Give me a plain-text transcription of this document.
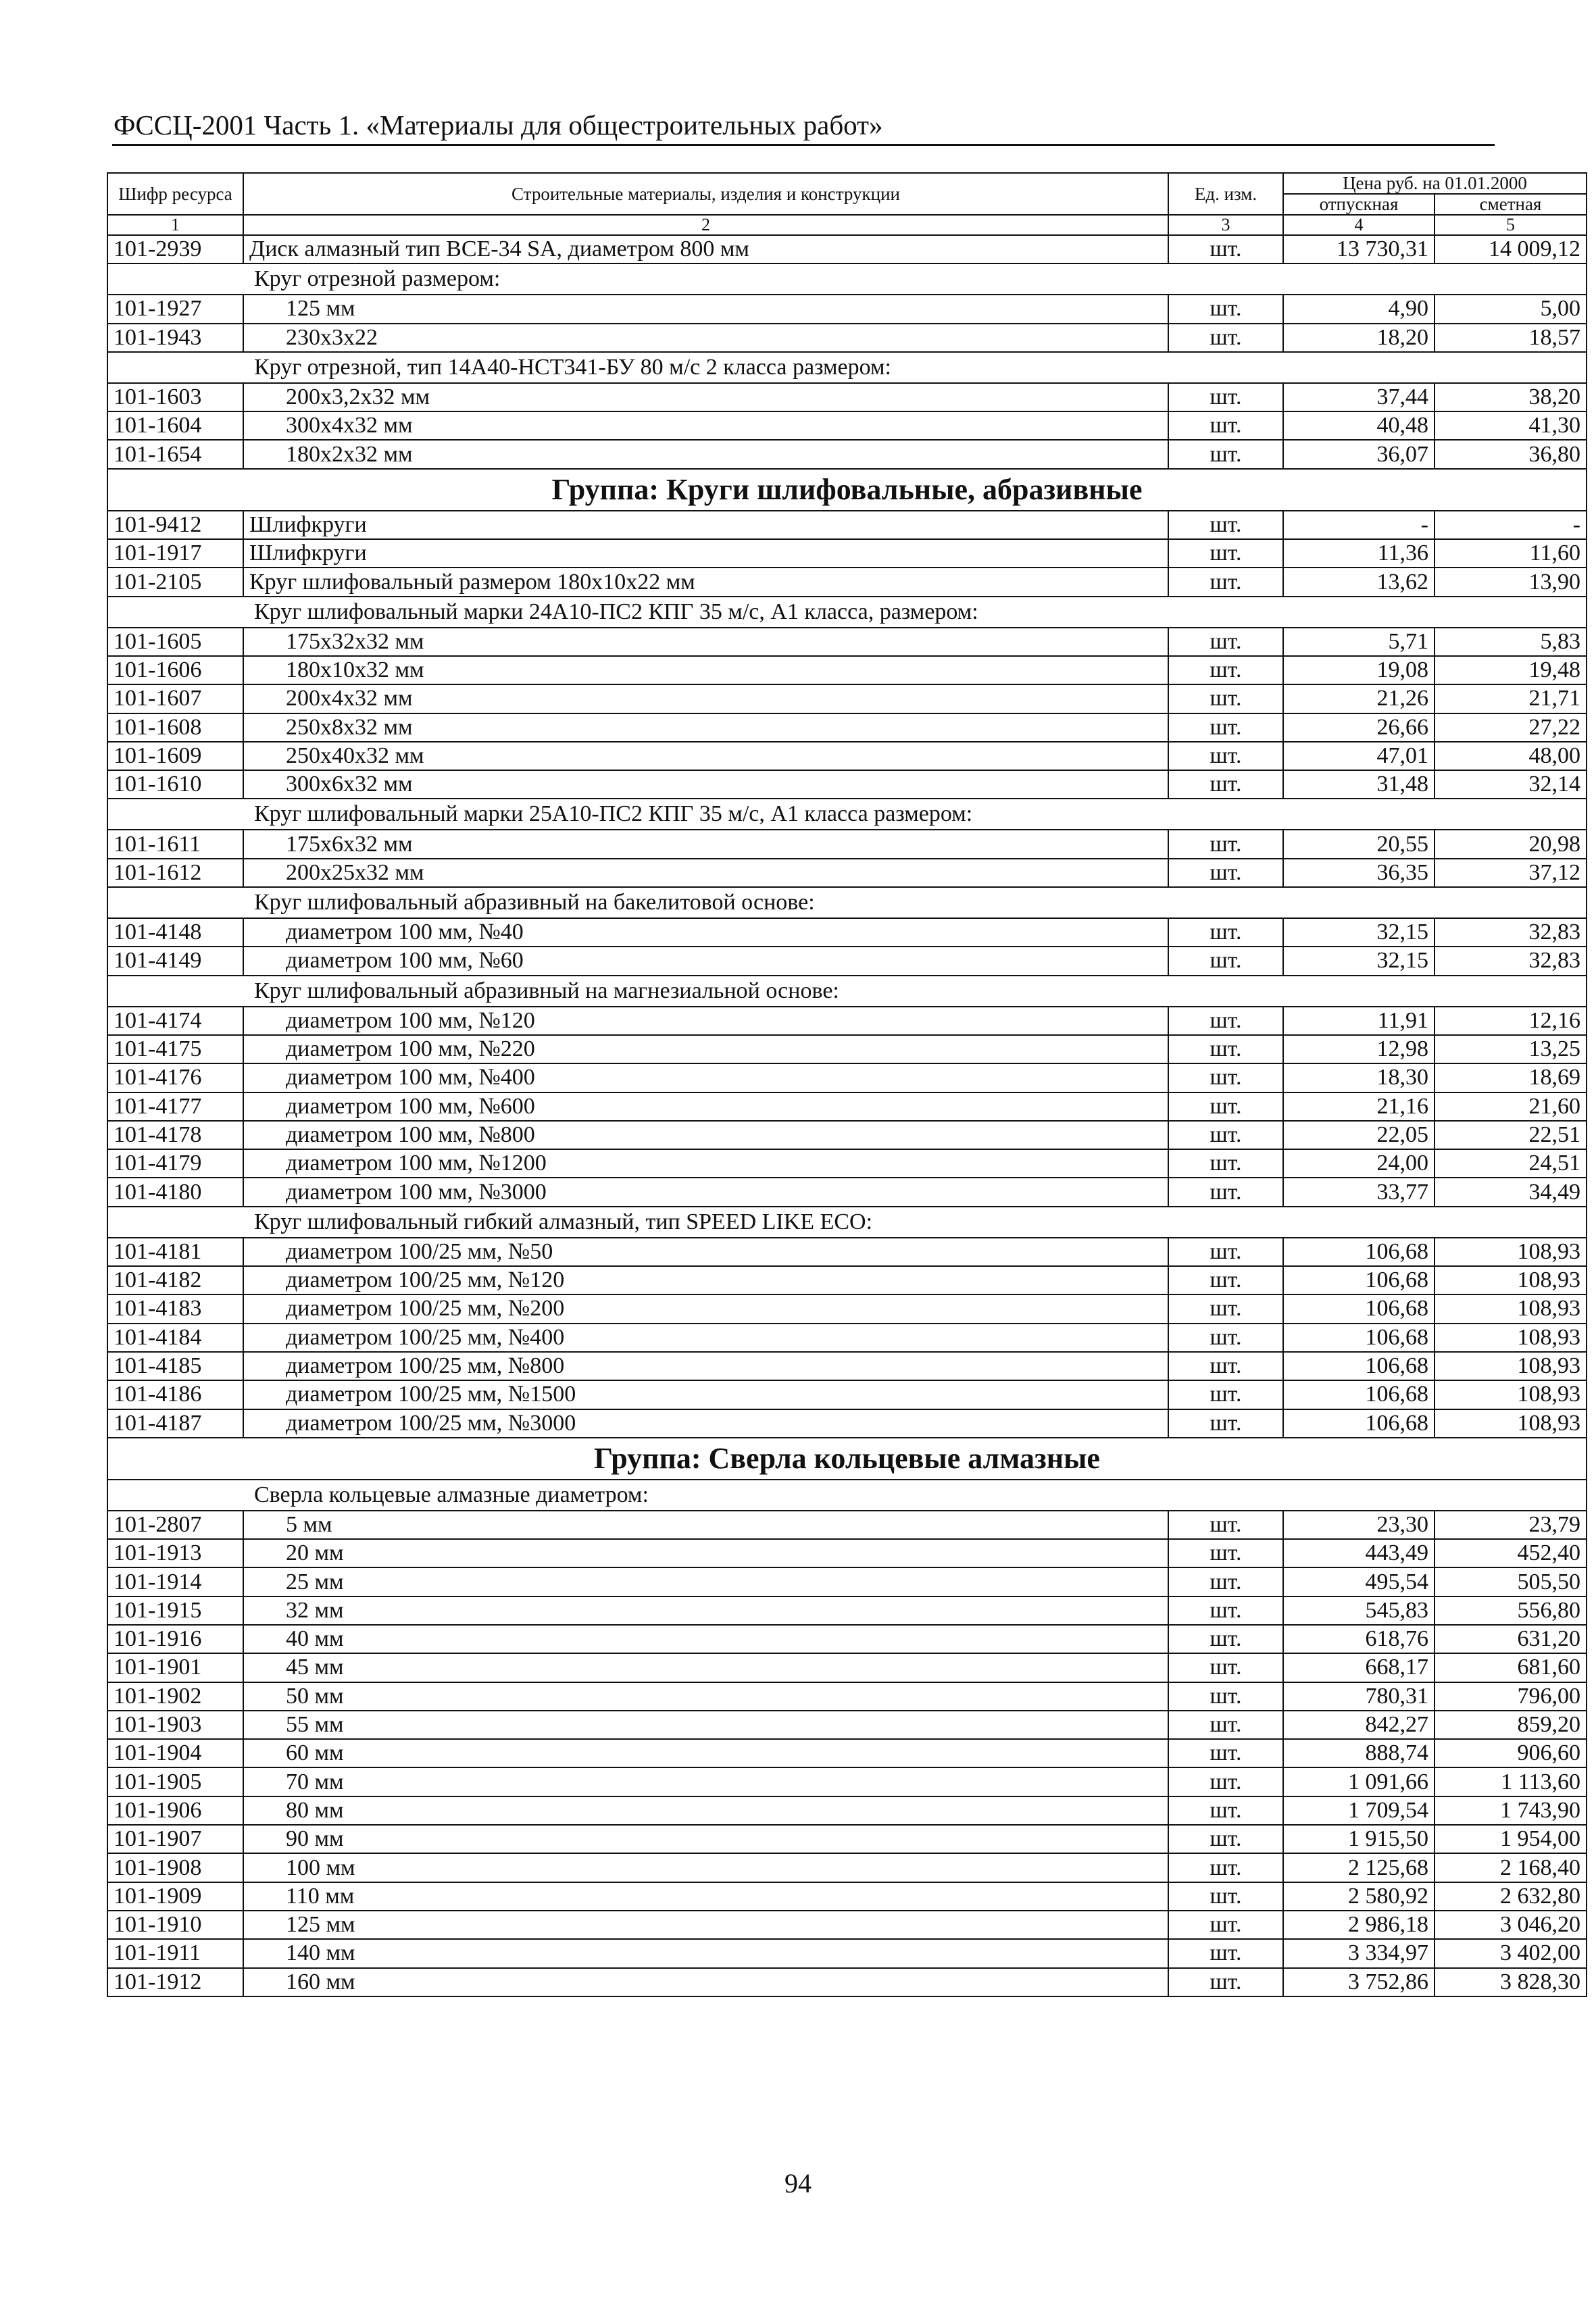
ФССЦ-2001 Часть 1. «Материалы для общестроительных работ»
Шифр ресурса	Строительные материалы, изделия и конструкции	Ед. изм.	Цена руб. на 01.01.2000	
			отпускная	сметная
1	2	3	4	5
101-2939	Диск алмазный тип ВСЕ-34 SA, диаметром 800 мм	шт.	13 730,31	14 009,12
Круг отрезной размером:				
101-1927	125 мм	шт.	4,90	5,00
101-1943	230х3х22	шт.	18,20	18,57
Круг отрезной, тип 14А40-НСТ341-БУ 80 м/с 2 класса размером:				
101-1603	200х3,2х32 мм	шт.	37,44	38,20
101-1604	300х4х32 мм	шт.	40,48	41,30
101-1654	180х2х32 мм	шт.	36,07	36,80
Группа: Круги шлифовальные, абразивные				
101-9412	Шлифкруги	шт.	-	-
101-1917	Шлифкруги	шт.	11,36	11,60
101-2105	Круг шлифовальный размером 180х10х22 мм	шт.	13,62	13,90
Круг шлифовальный марки 24А10-ПС2 КПГ 35 м/с, А1 класса, размером:				
101-1605	175х32х32 мм	шт.	5,71	5,83
101-1606	180х10х32 мм	шт.	19,08	19,48
101-1607	200х4х32 мм	шт.	21,26	21,71
101-1608	250х8х32 мм	шт.	26,66	27,22
101-1609	250х40х32 мм	шт.	47,01	48,00
101-1610	300х6х32 мм	шт.	31,48	32,14
Круг шлифовальный марки 25А10-ПС2 КПГ 35 м/с, А1 класса размером:				
101-1611	175х6х32 мм	шт.	20,55	20,98
101-1612	200х25х32 мм	шт.	36,35	37,12
Круг шлифовальный абразивный на бакелитовой основе:				
101-4148	диаметром 100 мм, №40	шт.	32,15	32,83
101-4149	диаметром 100 мм, №60	шт.	32,15	32,83
Круг шлифовальный абразивный на магнезиальной основе:				
101-4174	диаметром 100 мм, №120	шт.	11,91	12,16
101-4175	диаметром 100 мм, №220	шт.	12,98	13,25
101-4176	диаметром 100 мм, №400	шт.	18,30	18,69
101-4177	диаметром 100 мм, №600	шт.	21,16	21,60
101-4178	диаметром 100 мм, №800	шт.	22,05	22,51
101-4179	диаметром 100 мм, №1200	шт.	24,00	24,51
101-4180	диаметром 100 мм, №3000	шт.	33,77	34,49
Круг шлифовальный гибкий алмазный, тип SPEED LIKE ECO:				
101-4181	диаметром 100/25 мм, №50	шт.	106,68	108,93
101-4182	диаметром 100/25 мм, №120	шт.	106,68	108,93
101-4183	диаметром 100/25 мм, №200	шт.	106,68	108,93
101-4184	диаметром 100/25 мм, №400	шт.	106,68	108,93
101-4185	диаметром 100/25 мм, №800	шт.	106,68	108,93
101-4186	диаметром 100/25 мм, №1500	шт.	106,68	108,93
101-4187	диаметром 100/25 мм, №3000	шт.	106,68	108,93
Группа: Сверла кольцевые алмазные				
Сверла кольцевые алмазные диаметром:				
101-2807	5 мм	шт.	23,30	23,79
101-1913	20 мм	шт.	443,49	452,40
101-1914	25 мм	шт.	495,54	505,50
101-1915	32 мм	шт.	545,83	556,80
101-1916	40 мм	шт.	618,76	631,20
101-1901	45 мм	шт.	668,17	681,60
101-1902	50 мм	шт.	780,31	796,00
101-1903	55 мм	шт.	842,27	859,20
101-1904	60 мм	шт.	888,74	906,60
101-1905	70 мм	шт.	1 091,66	1 113,60
101-1906	80 мм	шт.	1 709,54	1 743,90
101-1907	90 мм	шт.	1 915,50	1 954,00
101-1908	100 мм	шт.	2 125,68	2 168,40
101-1909	110 мм	шт.	2 580,92	2 632,80
101-1910	125 мм	шт.	2 986,18	3 046,20
101-1911	140 мм	шт.	3 334,97	3 402,00
101-1912	160 мм	шт.	3 752,86	3 828,30
94
